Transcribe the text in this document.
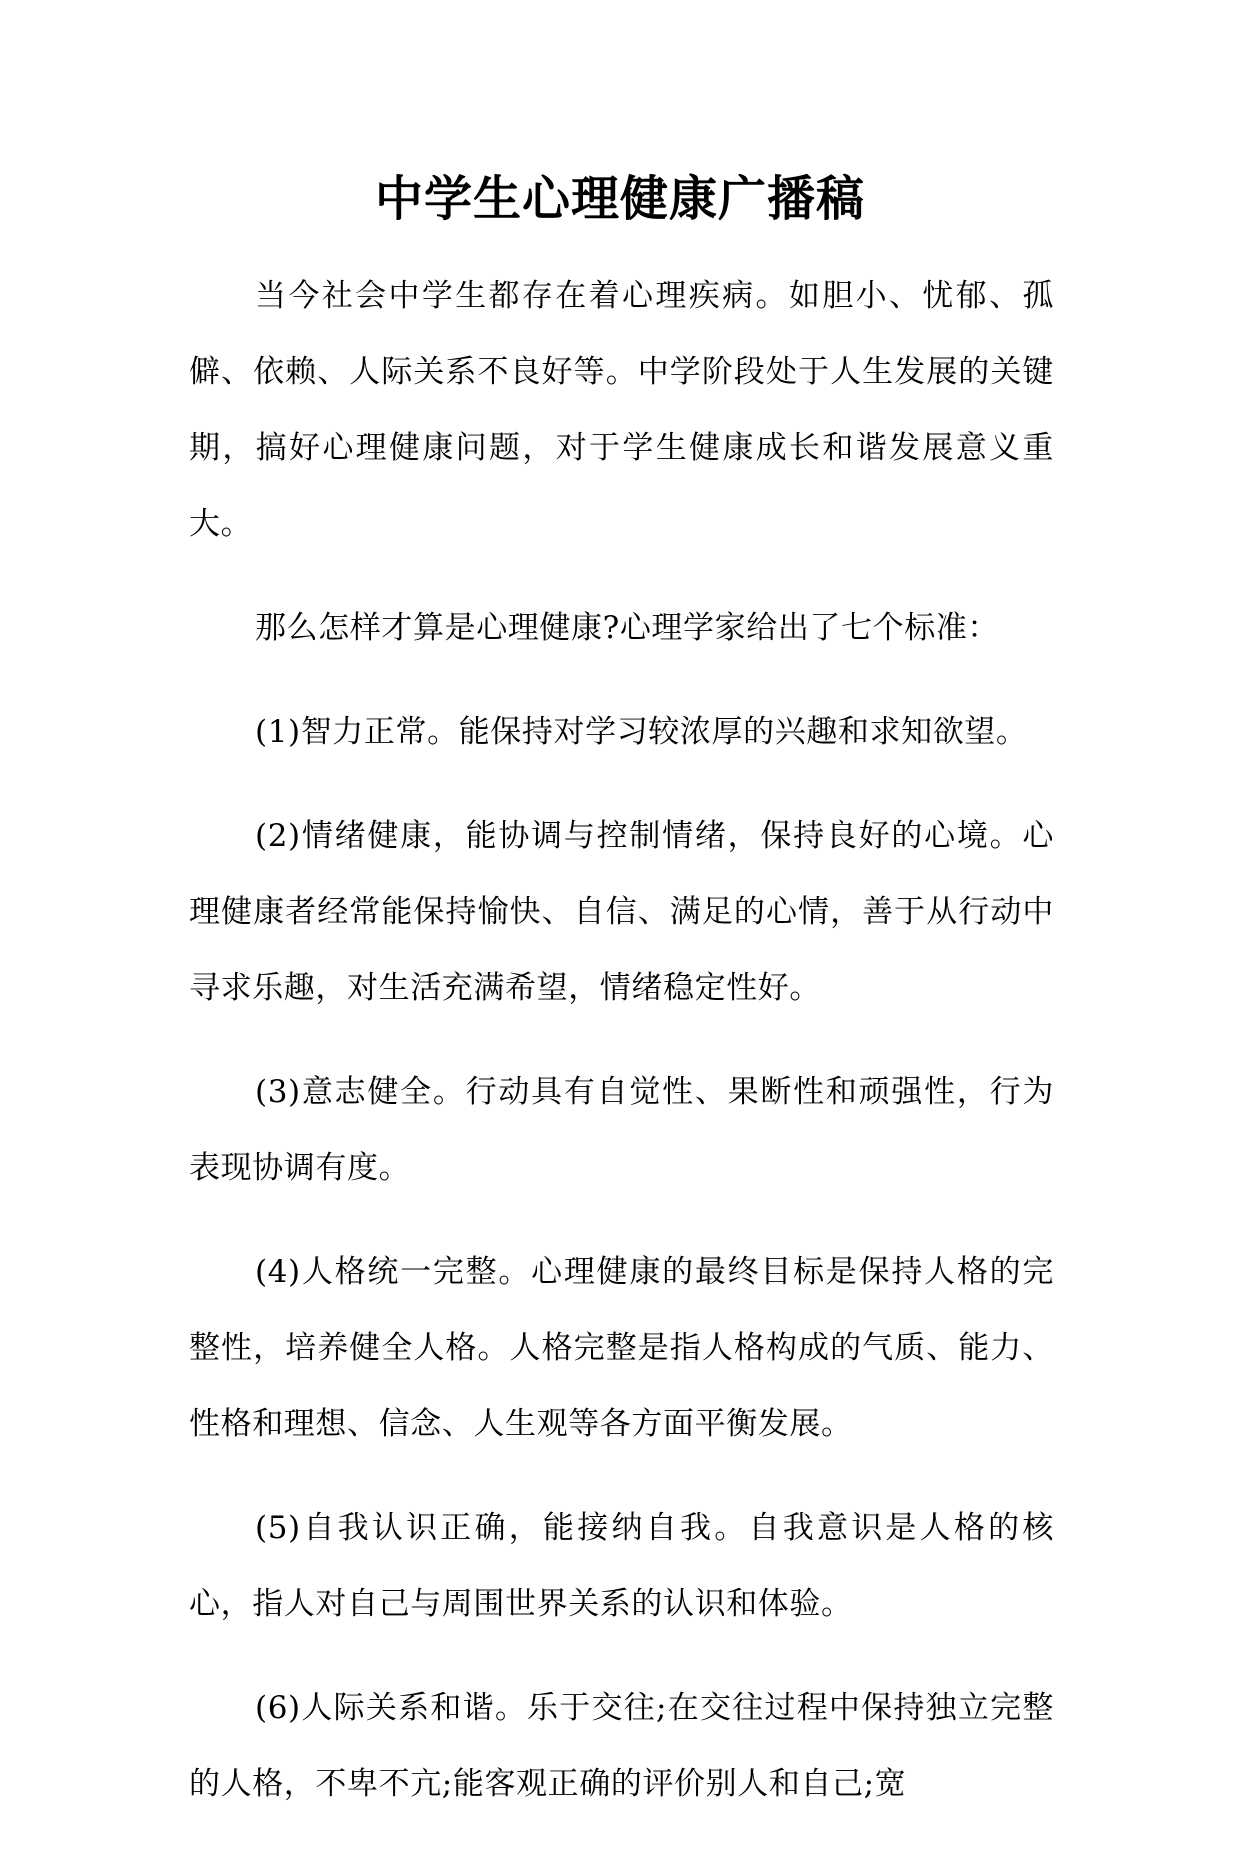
中学生心理健康广播稿

当今社会中学生都存在着心理疾病。如胆小、忧郁、孤僻、依赖、人际关系不良好等。中学阶段处于人生发展的关键期，搞好心理健康问题，对于学生健康成长和谐发展意义重大。

那么怎样才算是心理健康?心理学家给出了七个标准：

(1)智力正常。能保持对学习较浓厚的兴趣和求知欲望。

(2)情绪健康，能协调与控制情绪，保持良好的心境。心理健康者经常能保持愉快、自信、满足的心情，善于从行动中寻求乐趣，对生活充满希望，情绪稳定性好。

(3)意志健全。行动具有自觉性、果断性和顽强性，行为表现协调有度。

(4)人格统一完整。心理健康的最终目标是保持人格的完整性，培养健全人格。人格完整是指人格构成的气质、能力、性格和理想、信念、人生观等各方面平衡发展。

(5)自我认识正确，能接纳自我。自我意识是人格的核心，指人对自己与周围世界关系的认识和体验。

(6)人际关系和谐。乐于交往;在交往过程中保持独立完整的人格，不卑不亢;能客观正确的评价别人和自己;宽
